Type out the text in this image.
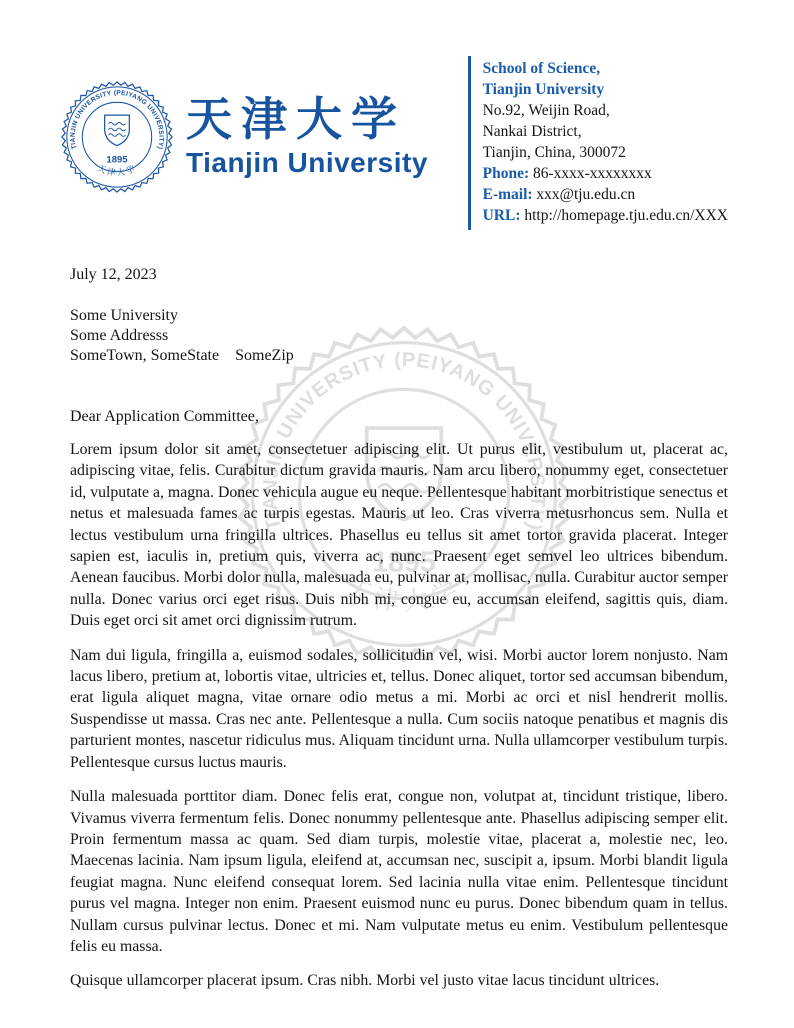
天津大学
Tianjin University
School of Science,
Tianjin University
No.92, Weijin Road,
Nankai District,
Tianjin, China, 300072
Phone: 86-xxxx-xxxxxxxx
E-mail: xxx@tju.edu.cn
URL: http://homepage.tju.edu.cn/XXX
July 12, 2023
Some University
Some Addresss
SomeTown, SomeState SomeZip
Dear Application Committee,

Lorem ipsum dolor sit amet, consectetuer adipiscing elit. Ut purus elit, vestibulum ut, placerat ac, adipiscing vitae, felis. Curabitur dictum gravida mauris. Nam arcu libero, nonummy eget, consectetuer id, vulputate a, magna. Donec vehicula augue eu neque. Pellentesque habitant morbitristique senectus et netus et malesuada fames ac turpis egestas. Mauris ut leo. Cras viverra metusrhoncus sem. Nulla et lectus vestibulum urna fringilla ultrices. Phasellus eu tellus sit amet tortor gravida placerat. Integer sapien est, iaculis in, pretium quis, viverra ac, nunc. Praesent eget semvel leo ultrices bibendum. Aenean faucibus. Morbi dolor nulla, malesuada eu, pulvinar at, mollisac, nulla. Curabitur auctor semper nulla. Donec varius orci eget risus. Duis nibh mi, congue eu, accumsan eleifend, sagittis quis, diam. Duis eget orci sit amet orci dignissim rutrum.

Nam dui ligula, fringilla a, euismod sodales, sollicitudin vel, wisi. Morbi auctor lorem nonjusto. Nam lacus libero, pretium at, lobortis vitae, ultricies et, tellus. Donec aliquet, tortor sed accumsan bibendum, erat ligula aliquet magna, vitae ornare odio metus a mi. Morbi ac orci et nisl hendrerit mollis. Suspendisse ut massa. Cras nec ante. Pellentesque a nulla. Cum sociis natoque penatibus et magnis dis parturient montes, nascetur ridiculus mus. Aliquam tincidunt urna. Nulla ullamcorper vestibulum turpis. Pellentesque cursus luctus mauris.

Nulla malesuada porttitor diam. Donec felis erat, congue non, volutpat at, tincidunt tristique, libero. Vivamus viverra fermentum felis. Donec nonummy pellentesque ante. Phasellus adipiscing semper elit. Proin fermentum massa ac quam. Sed diam turpis, molestie vitae, placerat a, molestie nec, leo. Maecenas lacinia. Nam ipsum ligula, eleifend at, accumsan nec, suscipit a, ipsum. Morbi blandit ligula feugiat magna. Nunc eleifend consequat lorem. Sed lacinia nulla vitae enim. Pellentesque tincidunt purus vel magna. Integer non enim. Praesent euismod nunc eu purus. Donec bibendum quam in tellus. Nullam cursus pulvinar lectus. Donec et mi. Nam vulputate metus eu enim. Vestibulum pellentesque felis eu massa.

Quisque ullamcorper placerat ipsum. Cras nibh. Morbi vel justo vitae lacus tincidunt ultrices.
